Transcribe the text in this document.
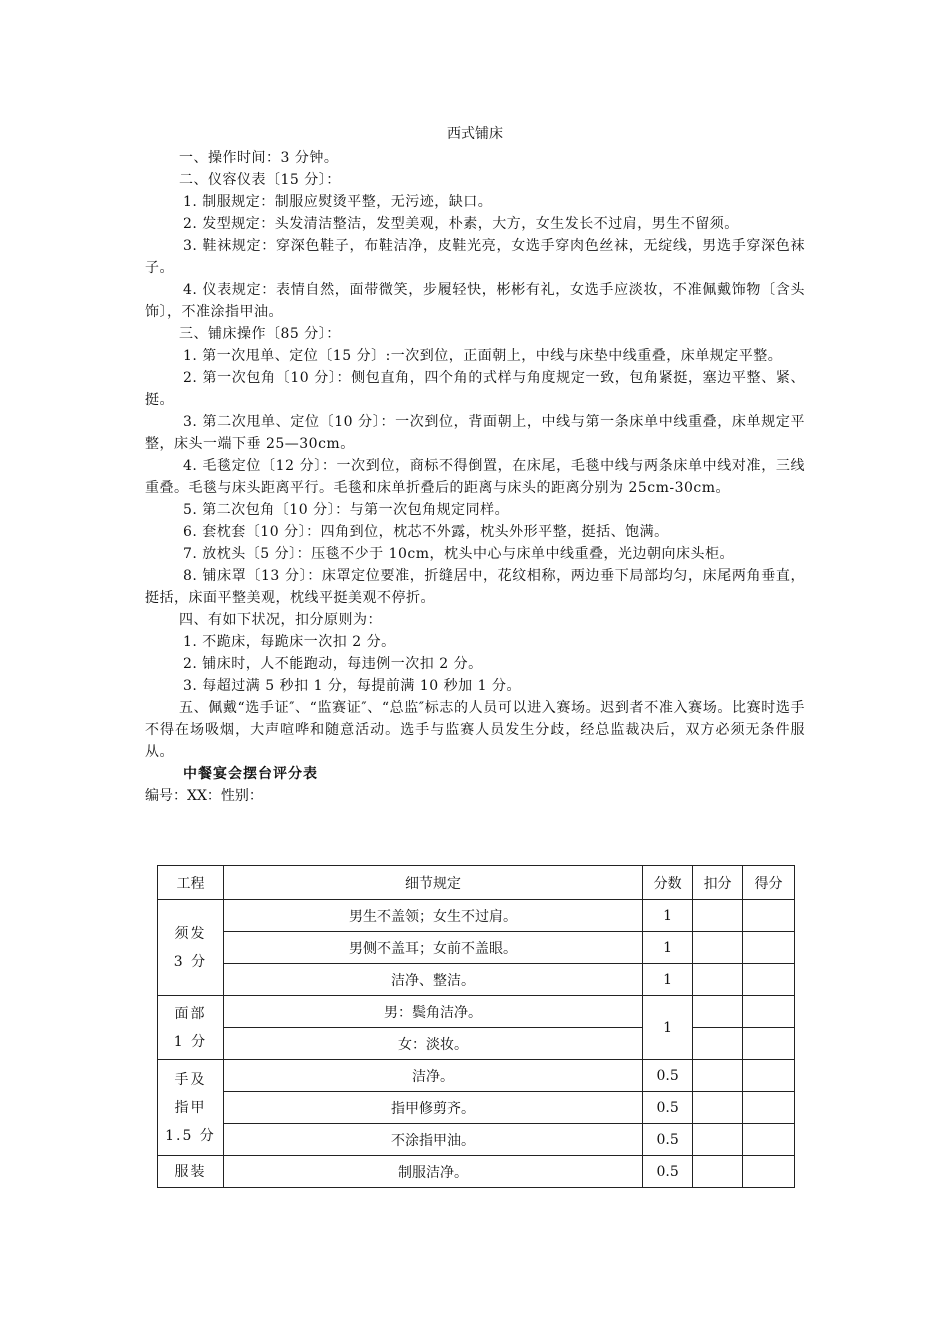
西式铺床

一、操作时间：3 分钟。

二、仪容仪表〔15 分〕：

1. 制服规定：制服应熨烫平整，无污迹，缺口。

2. 发型规定：头发清洁整洁，发型美观，朴素，大方，女生发长不过肩，男生不留须。

3. 鞋袜规定：穿深色鞋子，布鞋洁净，皮鞋光亮，女选手穿肉色丝袜，无绽线，男选手穿深色袜子。

4. 仪表规定：表情自然，面带微笑，步履轻快，彬彬有礼，女选手应淡妆，不准佩戴饰物〔含头饰〕，不准涂指甲油。

三、铺床操作〔85 分〕：

1. 第一次甩单、定位〔15 分〕:一次到位，正面朝上，中线与床垫中线重叠，床单规定平整。

2. 第一次包角〔10 分〕：侧包直角，四个角的式样与角度规定一致，包角紧挺，塞边平整、紧、挺。

3. 第二次甩单、定位〔10 分〕：一次到位，背面朝上，中线与第一条床单中线重叠，床单规定平整，床头一端下垂 25—30cm。

4. 毛毯定位〔12 分〕：一次到位，商标不得倒置，在床尾，毛毯中线与两条床单中线对准，三线重叠。毛毯与床头距离平行。毛毯和床单折叠后的距离与床头的距离分别为 25cm-30cm。

5. 第二次包角〔10 分〕：与第一次包角规定同样。

6. 套枕套〔10 分〕：四角到位，枕芯不外露，枕头外形平整，挺括、饱满。

7. 放枕头〔5 分〕：压毯不少于 10cm，枕头中心与床单中线重叠，光边朝向床头柜。

8. 铺床罩〔13 分〕：床罩定位要准，折缝居中，花纹相称，两边垂下局部均匀，床尾两角垂直，挺括，床面平整美观，枕线平挺美观不停折。

四、有如下状况，扣分原则为：

1. 不跪床，每跪床一次扣 2 分。

2. 铺床时，人不能跑动，每违例一次扣 2 分。

3. 每超过满 5 秒扣 1 分，每提前满 10 秒加 1 分。

五、佩戴“选手证″、“监赛证″、“总监″标志的人员可以进入赛场。迟到者不准入赛场。比赛时选手不得在场吸烟，大声喧哗和随意活动。选手与监赛人员发生分歧，经总监裁决后，双方必须无条件服从。

中餐宴会摆台评分表

编号：XX：性别：

工程	细节规定	分数	扣分	得分
须发
3 分	男生不盖领；女生不过肩。	1		
	男侧不盖耳；女前不盖眼。	1		
	洁净、整洁。	1		
面部
1 分	男：鬓角洁净。	1		
	女：淡妆。			
手及
指甲
1.5 分	洁净。	0.5		
	指甲修剪齐。	0.5		
	不涂指甲油。	0.5		
服装	制服洁净。	0.5		
